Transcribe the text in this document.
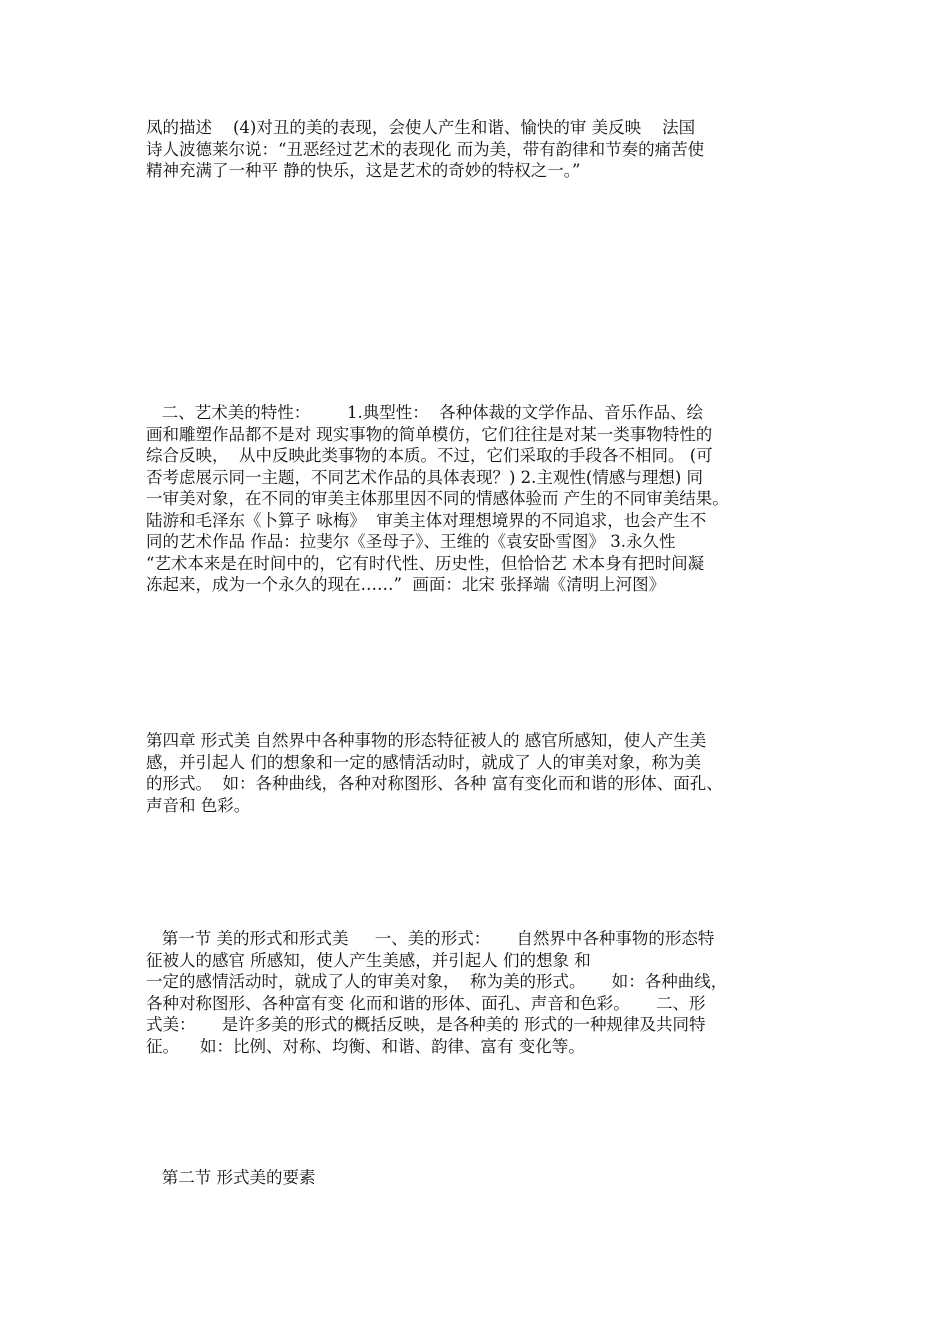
凤的描述    (4)对丑的美的表现，会使人产生和谐、愉快的审 美反映    法国
诗人波德莱尔说：“丑恶经过艺术的表现化 而为美，带有韵律和节奏的痛苦使
精神充满了一种平 静的快乐，这是艺术的奇妙的特权之一。”

二、艺术美的特性：       1.典型性：  各种体裁的文学作品、音乐作品、绘
画和雕塑作品都不是对 现实事物的简单模仿，它们往往是对某一类事物特性的
综合反映，  从中反映此类事物的本质。不过，它们采取的手段各不相同。 (可
否考虑展示同一主题，不同艺术作品的具体表现？) 2.主观性(情感与理想) 同
一审美对象，在不同的审美主体那里因不同的情感体验而 产生的不同审美结果。
陆游和毛泽东《卜算子 咏梅》  审美主体对理想境界的不同追求，也会产生不
同的艺术作品 作品：拉斐尔《圣母子》、王维的《袁安卧雪图》 3.永久性
“艺术本来是在时间中的，它有时代性、历史性，但恰恰艺 术本身有把时间凝
冻起来，成为一个永久的现在……”  画面：北宋 张择端《清明上河图》

第四章 形式美 自然界中各种事物的形态特征被人的 感官所感知，使人产生美
感，并引起人 们的想象和一定的感情活动时，就成了 人的审美对象，称为美
的形式。  如：各种曲线，各种对称图形、各种 富有变化而和谐的形体、面孔、
声音和 色彩。

第一节 美的形式和形式美     一、美的形式：     自然界中各种事物的形态特
征被人的感官 所感知，使人产生美感，并引起人 们的想象 和
一定的感情活动时，就成了人的审美对象，  称为美的形式。     如：各种曲线，
各种对称图形、各种富有变 化而和谐的形体、面孔、声音和色彩。     二、形
式美：     是许多美的形式的概括反映，是各种美的 形式的一种规律及共同特
征。    如：比例、对称、均衡、和谐、韵律、富有 变化等。

第二节 形式美的要素
